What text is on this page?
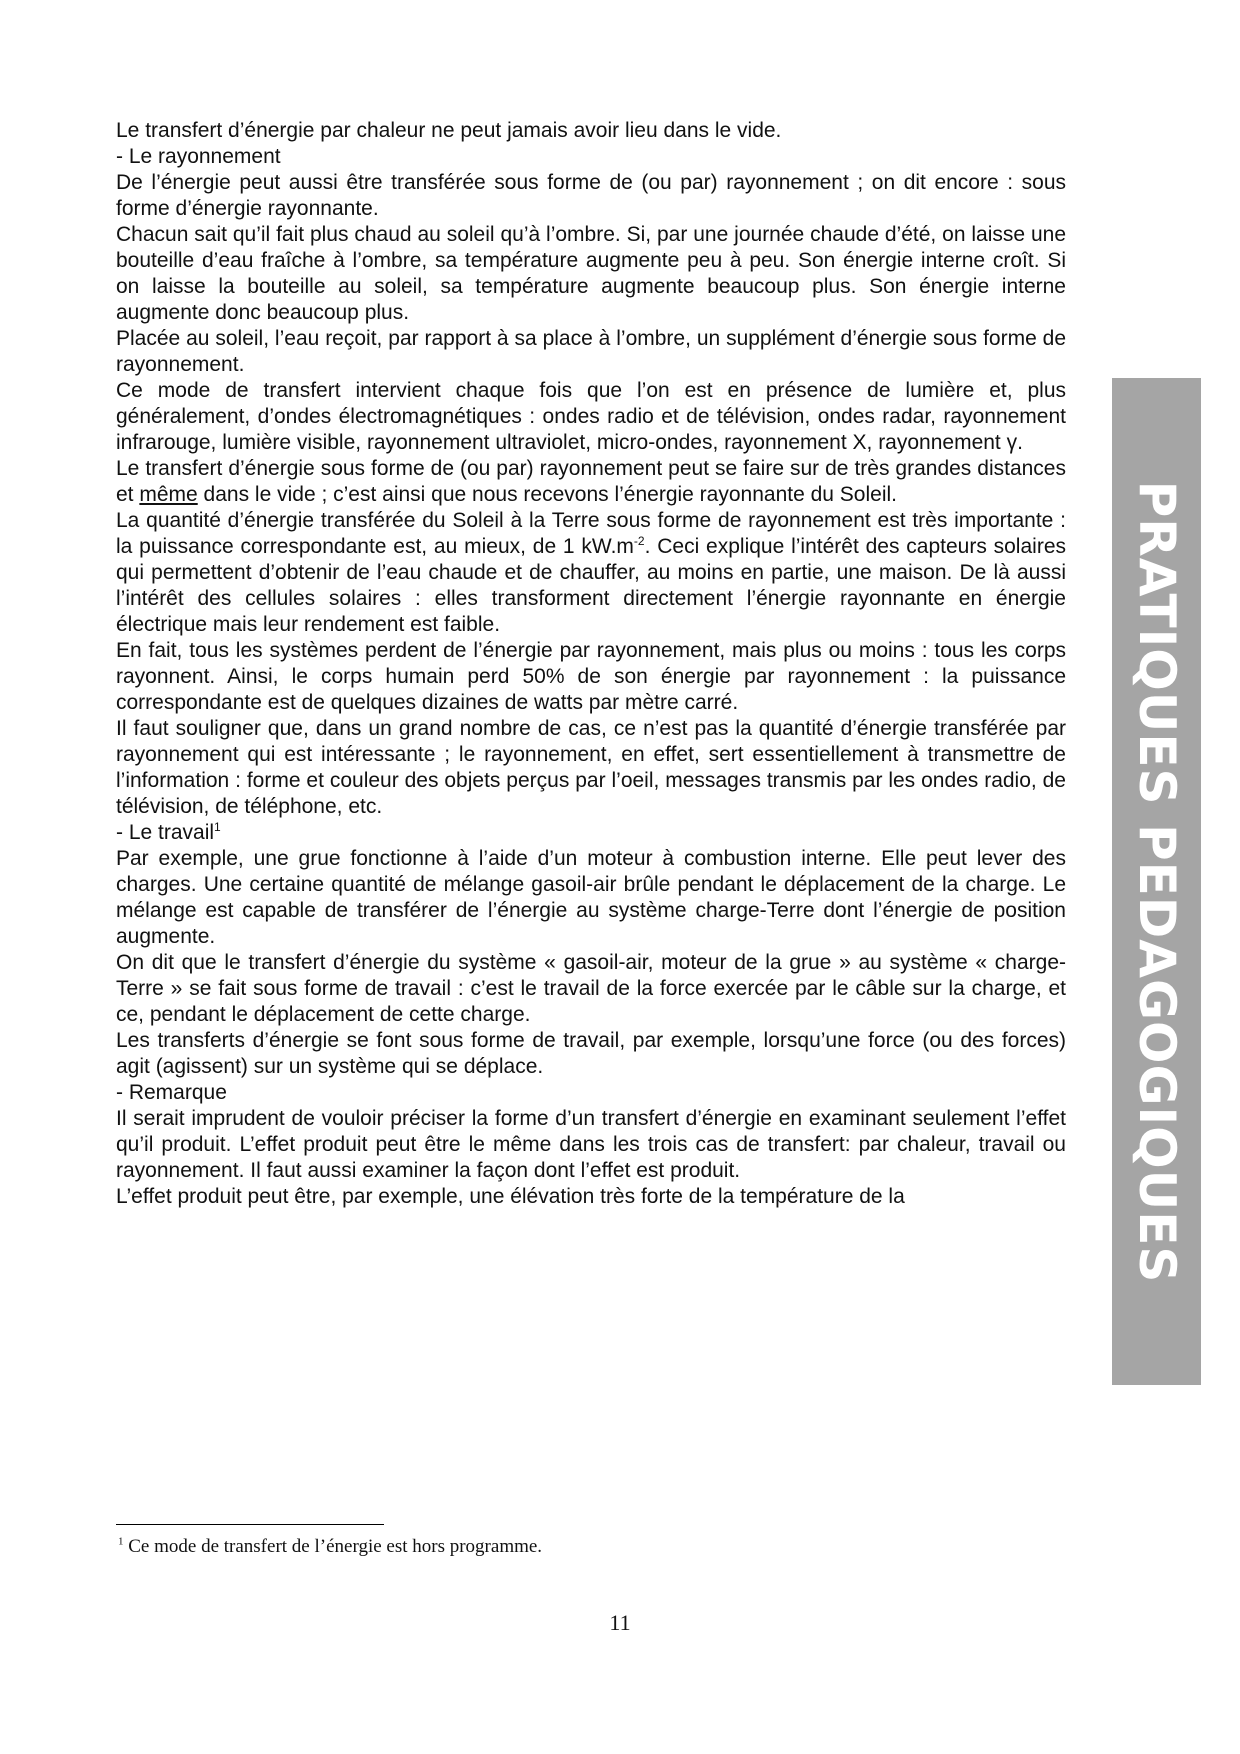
Le transfert d’énergie par chaleur ne peut jamais avoir lieu dans le vide.

- Le rayonnement

De l’énergie peut aussi être transférée sous forme de (ou par) rayonnement ; on dit encore : sous forme d’énergie rayonnante.

Chacun sait qu’il fait plus chaud au soleil qu’à l’ombre. Si, par une journée chaude d’été, on laisse une bouteille d’eau fraîche à l’ombre, sa température augmente peu à peu. Son énergie interne croît. Si on laisse la bouteille au soleil, sa température augmente beaucoup plus. Son énergie interne augmente donc beaucoup plus.

Placée au soleil, l’eau reçoit, par rapport à sa place à l’ombre, un supplément d’énergie sous forme de rayonnement.

Ce mode de transfert intervient chaque fois que l’on est en présence de lumière et, plus généralement, d’ondes électromagnétiques : ondes radio et de télévision, ondes radar, rayonnement infrarouge, lumière visible, rayonnement ultraviolet, micro-ondes, rayonnement X, rayonnement γ.

Le transfert d’énergie sous forme de (ou par) rayonnement peut se faire sur de très grandes distances et même dans le vide ; c’est ainsi que nous recevons l’énergie rayonnante du Soleil.

La quantité d’énergie transférée du Soleil à la Terre sous forme de rayonnement est très importante : la puissance correspondante est, au mieux, de 1 $kW.m^{-2}$. Ceci explique l’intérêt des capteurs solaires qui permettent d’obtenir de l’eau chaude et de chauffer, au moins en partie, une maison. De là aussi l’intérêt des cellules solaires : elles transforment directement l’énergie rayonnante en énergie électrique mais leur rendement est faible.

En fait, tous les systèmes perdent de l’énergie par rayonnement, mais plus ou moins : tous les corps rayonnent. Ainsi, le corps humain perd 50% de son énergie par rayonnement : la puissance correspondante est de quelques dizaines de watts par mètre carré.

Il faut souligner que, dans un grand nombre de cas, ce n’est pas la quantité d’énergie transférée par rayonnement qui est intéressante ; le rayonnement, en effet, sert essentiellement à transmettre de l’information : forme et couleur des objets perçus par l’oeil, messages transmis par les ondes radio, de télévision, de téléphone, etc.

- Le travail$^1$

Par exemple, une grue fonctionne à l’aide d’un moteur à combustion interne. Elle peut lever des charges. Une certaine quantité de mélange gasoil-air brûle pendant le déplacement de la charge. Le mélange est capable de transférer de l’énergie au système charge-Terre dont l’énergie de position augmente.

On dit que le transfert d’énergie du système « gasoil-air, moteur de la grue » au système « charge-Terre » se fait sous forme de travail : c’est le travail de la force exercée par le câble sur la charge, et ce, pendant le déplacement de cette charge.

Les transferts d’énergie se font sous forme de travail, par exemple, lorsqu’une force (ou des forces) agit (agissent) sur un système qui se déplace.

- Remarque

Il serait imprudent de vouloir préciser la forme d’un transfert d’énergie en examinant seulement l’effet qu’il produit. L’effet produit peut être le même dans les trois cas de transfert: par chaleur, travail ou rayonnement. Il faut aussi examiner la façon dont l’effet est produit.

L’effet produit peut être, par exemple, une élévation très forte de la température de la	PRATIQUES PEDAGOGIQUES
$^1$ Ce mode de transfert de l’énergie est hors programme.
11
